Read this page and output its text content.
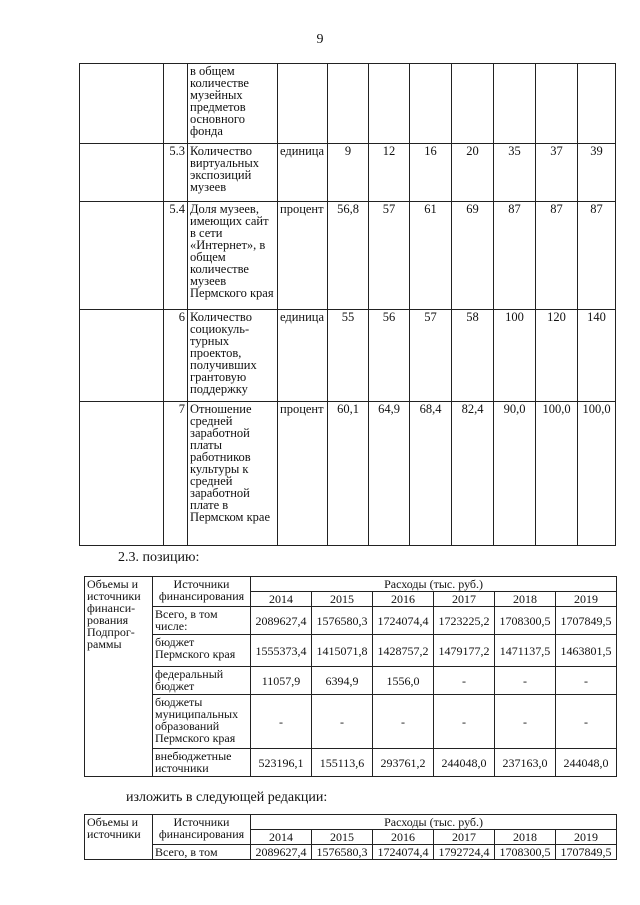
9
		в общем количестве музейных предметов основного фонда								
	5.3	Количество виртуальных экспозиций музеев	единица	9	12	16	20	35	37	39
	5.4	Доля музеев, имеющих сайт в сети «Интернет», в общем количестве музеев Пермского края	процент	56,8	57	61	69	87	87	87
	6	Количество социокуль-турных проектов, получивших грантовую поддержку	единица	55	56	57	58	100	120	140
	7	Отношение средней заработной платы работников культуры к средней заработной плате в Пермском крае	процент	60,1	64,9	68,4	82,4	90,0	100,0	100,0
2.3. позицию:
Объемы и источники финанси-рования Подпрог-раммы	Источники финансирования	Расходы (тыс. руб.)					
		2014	2015	2016	2017	2018	2019
	Всего, в том числе:	2089627,4	1576580,3	1724074,4	1723225,2	1708300,5	1707849,5
	бюджет Пермского края	1555373,4	1415071,8	1428757,2	1479177,2	1471137,5	1463801,5
	федеральный бюджет	11057,9	6394,9	1556,0	-	-	-
	бюджеты муниципальных образований Пермского края	-	-	-	-	-	-
	внебюджетные источники	523196,1	155113,6	293761,2	244048,0	237163,0	244048,0
изложить в следующей редакции:
Объемы и источники	Источники финансирования	Расходы (тыс. руб.)					
		2014	2015	2016	2017	2018	2019
	Всего, в том	2089627,4	1576580,3	1724074,4	1792724,4	1708300,5	1707849,5
